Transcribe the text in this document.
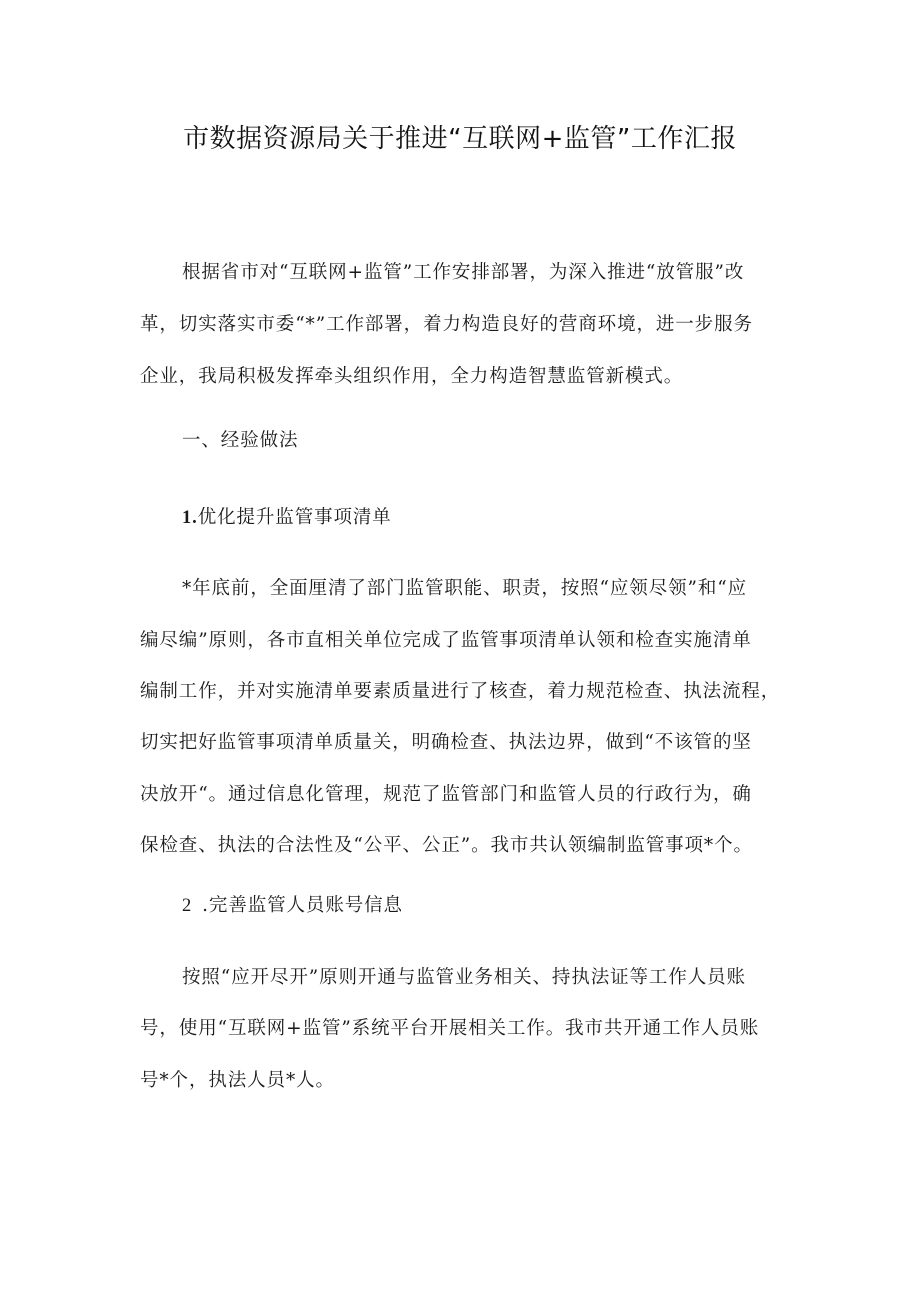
市数据资源局关于推进“互联网+监管”工作汇报
根据省市对“互联网+监管”工作安排部署，为深入推进“放管服”改
革，切实落实市委“*”工作部署，着力构造良好的营商环境，进一步服务
企业，我局积极发挥牵头组织作用，全力构造智慧监管新模式。
一、经验做法
1.优化提升监管事项清单
*年底前，全面厘清了部门监管职能、职责，按照“应领尽领”和“应
编尽编”原则，各市直相关单位完成了监管事项清单认领和检查实施清单
编制工作，并对实施清单要素质量进行了核查，着力规范检查、执法流程，
切实把好监管事项清单质量关，明确检查、执法边界，做到“不该管的坚
决放开“。通过信息化管理，规范了监管部门和监管人员的行政行为，确
保检查、执法的合法性及“公平、公正”。我市共认领编制监管事项*个。
2 .完善监管人员账号信息
按照“应开尽开”原则开通与监管业务相关、持执法证等工作人员账
号，使用“互联网+监管”系统平台开展相关工作。我市共开通工作人员账
号*个，执法人员*人。
